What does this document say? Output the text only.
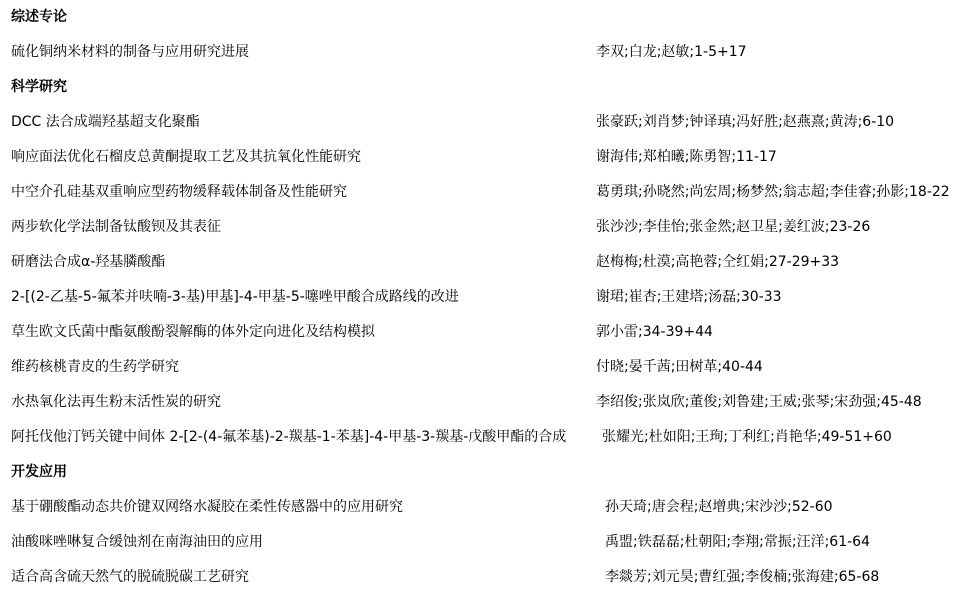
综述专论
硫化铜纳米材料的制备与应用研究进展	李双;白龙;赵敏;1-5+17
科学研究
DCC 法合成端羟基超支化聚酯	张豪跃;刘肖梦;钟译瑱;冯好胜;赵燕熹;黄涛;6-10
响应面法优化石榴皮总黄酮提取工艺及其抗氧化性能研究	谢海伟;郑柏曦;陈勇智;11-17
中空介孔硅基双重响应型药物缓释载体制备及性能研究	葛勇琪;孙晓然;尚宏周;杨梦然;翁志超;李佳睿;孙影;18-22
两步软化学法制备钛酸钡及其表征	张沙沙;李佳怡;张金然;赵卫星;姜红波;23-26
研磨法合成α-羟基膦酸酯	赵梅梅;杜漠;高艳蓉;仝红娟;27-29+33
2-[(2-乙基-5-氟苯并呋喃-3-基)甲基]-4-甲基-5-噻唑甲酸合成路线的改进	谢珺;崔杏;王建塔;汤磊;30-33
草生欧文氏菌中酯氨酸酚裂解酶的体外定向进化及结构模拟	郭小雷;34-39+44
维药核桃青皮的生药学研究	付晓;晏千茜;田树革;40-44
水热氧化法再生粉末活性炭的研究	李绍俊;张岚欣;董俊;刘鲁建;王威;张琴;宋劲强;45-48
阿托伐他汀钙关键中间体 2-[2-(4-氟苯基)-2-羰基-1-苯基]-4-甲基-3-羰基-戊酸甲酯的合成	张耀光;杜如阳;王珣;丁利红;肖艳华;49-51+60
开发应用
基于硼酸酯动态共价键双网络水凝胶在柔性传感器中的应用研究	孙天琦;唐会程;赵增典;宋沙沙;52-60
油酸咪唑啉复合缓蚀剂在南海油田的应用	禹盟;铁磊磊;杜朝阳;李翔;常振;汪洋;61-64
适合高含硫天然气的脱硫脱碳工艺研究	李燚芳;刘元昊;曹红强;李俊楠;张海建;65-68
